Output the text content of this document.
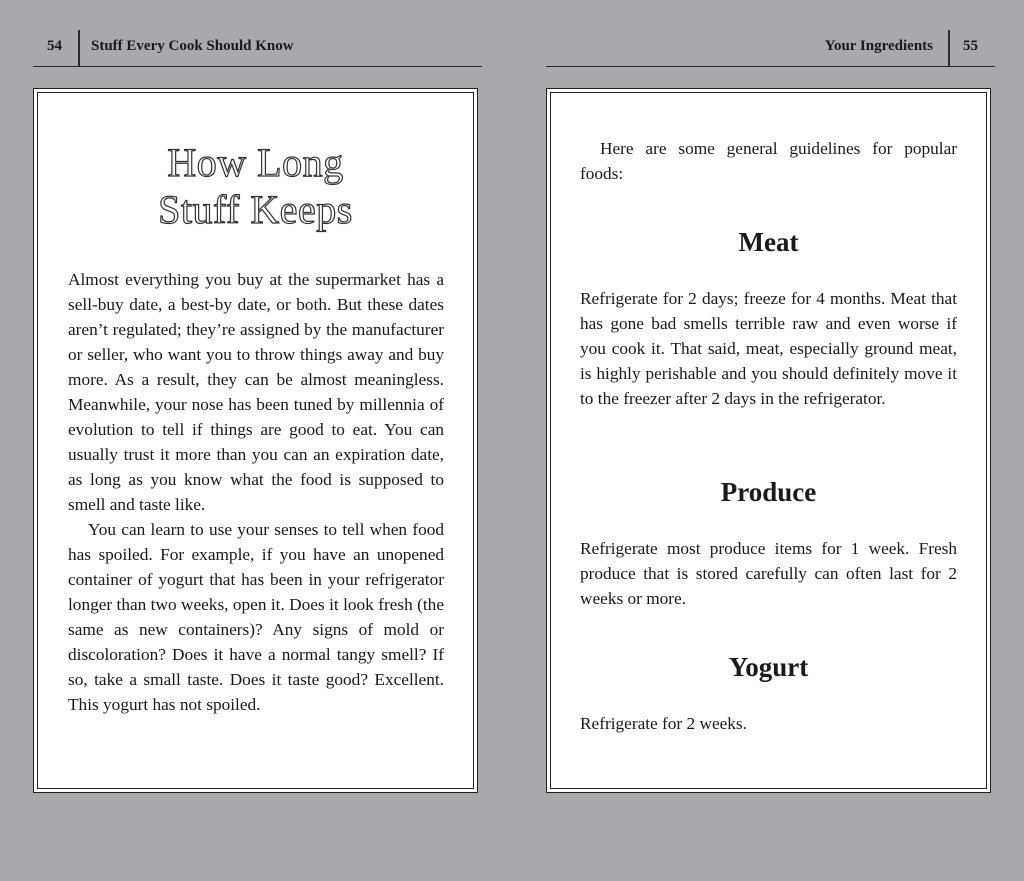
54 Stuff Every Cook Should Know	Your Ingredients 55
How Long
Stuff Keeps

Almost everything you buy at the supermarket has a sell-buy date, a best-by date, or both. But these dates aren’t regulated; they’re assigned by the manufacturer or seller, who want you to throw things away and buy more. As a result, they can be almost meaningless. Meanwhile, your nose has been tuned by millennia of evolution to tell if things are good to eat. You can usually trust it more than you can an expiration date, as long as you know what the food is supposed to smell and taste like.

You can learn to use your senses to tell when food has spoiled. For example, if you have an unopened container of yogurt that has been in your refrigerator longer than two weeks, open it. Does it look fresh (the same as new containers)? Any signs of mold or discoloration? Does it have a normal tangy smell? If so, take a small taste. Does it taste good? Excellent. This yogurt has not spoiled.

Here are some general guidelines for popular foods:

Meat

Refrigerate for 2 days; freeze for 4 months. Meat that has gone bad smells terrible raw and even worse if you cook it. That said, meat, especially ground meat, is highly perishable and you should definitely move it to the freezer after 2 days in the refrigerator.

Produce

Refrigerate most produce items for 1 week. Fresh produce that is stored carefully can often last for 2 weeks or more.

Yogurt

Refrigerate for 2 weeks.
